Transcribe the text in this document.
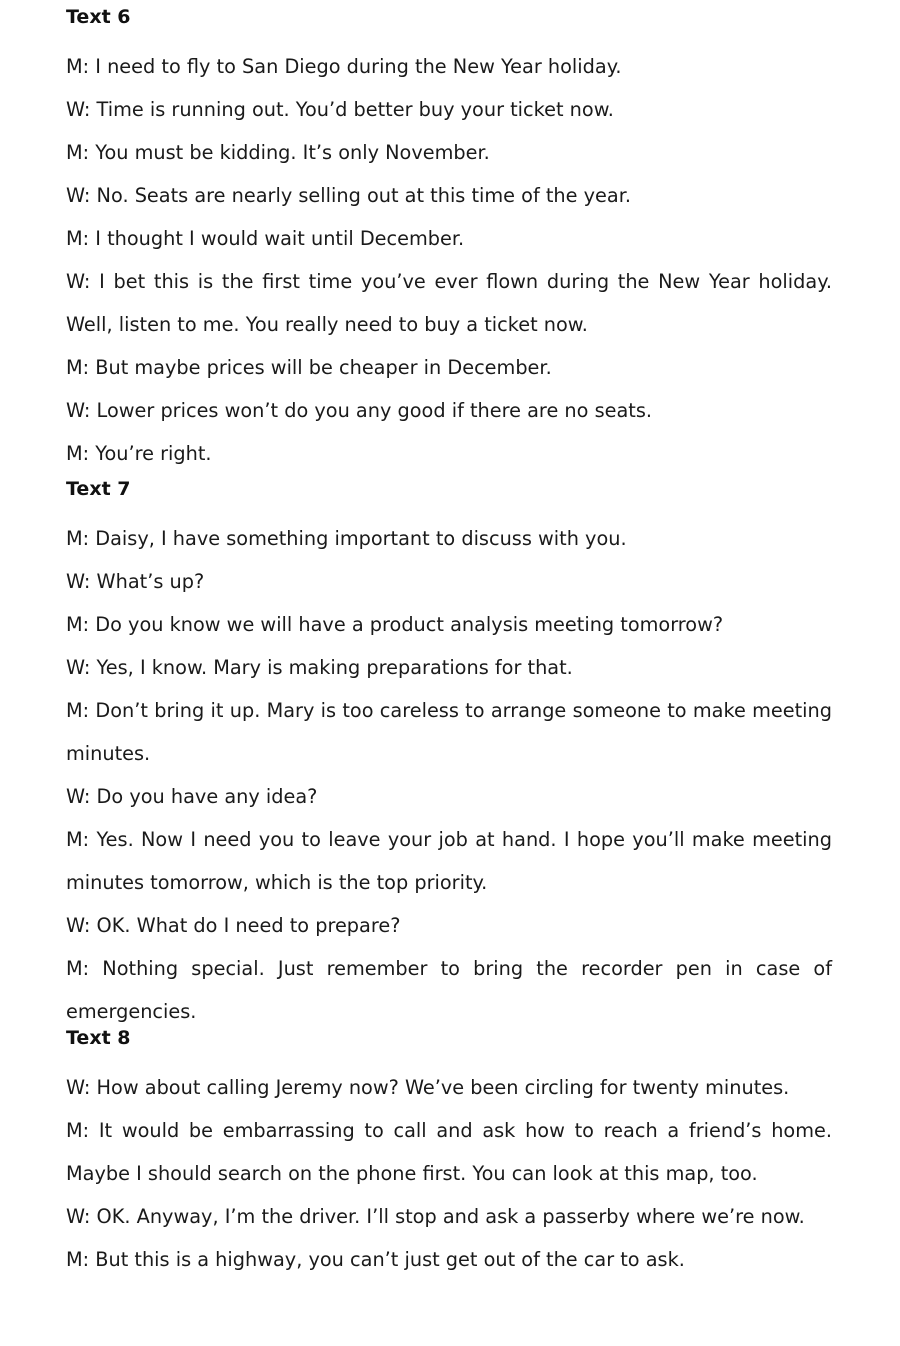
Text 6

M: I need to fly to San Diego during the New Year holiday.

W: Time is running out. You’d better buy your ticket now.

M: You must be kidding. It’s only November.

W: No. Seats are nearly selling out at this time of the year.

M: I thought I would wait until December.

W: I bet this is the first time you’ve ever flown during the New Year holiday. Well, listen to me. You really need to buy a ticket now.

M: But maybe prices will be cheaper in December.

W: Lower prices won’t do you any good if there are no seats.

M: You’re right.

Text 7

M: Daisy, I have something important to discuss with you.

W: What’s up?

M: Do you know we will have a product analysis meeting tomorrow?

W: Yes, I know. Mary is making preparations for that.

M: Don’t bring it up. Mary is too careless to arrange someone to make meeting minutes.

W: Do you have any idea?

M: Yes. Now I need you to leave your job at hand. I hope you’ll make meeting minutes tomorrow, which is the top priority.

W: OK. What do I need to prepare?

M: Nothing special. Just remember to bring the recorder pen in case of emergencies.

Text 8

W: How about calling Jeremy now? We’ve been circling for twenty minutes.

M: It would be embarrassing to call and ask how to reach a friend’s home. Maybe I should search on the phone first. You can look at this map, too.

W: OK. Anyway, I’m the driver. I’ll stop and ask a passerby where we’re now.

M: But this is a highway, you can’t just get out of the car to ask.
